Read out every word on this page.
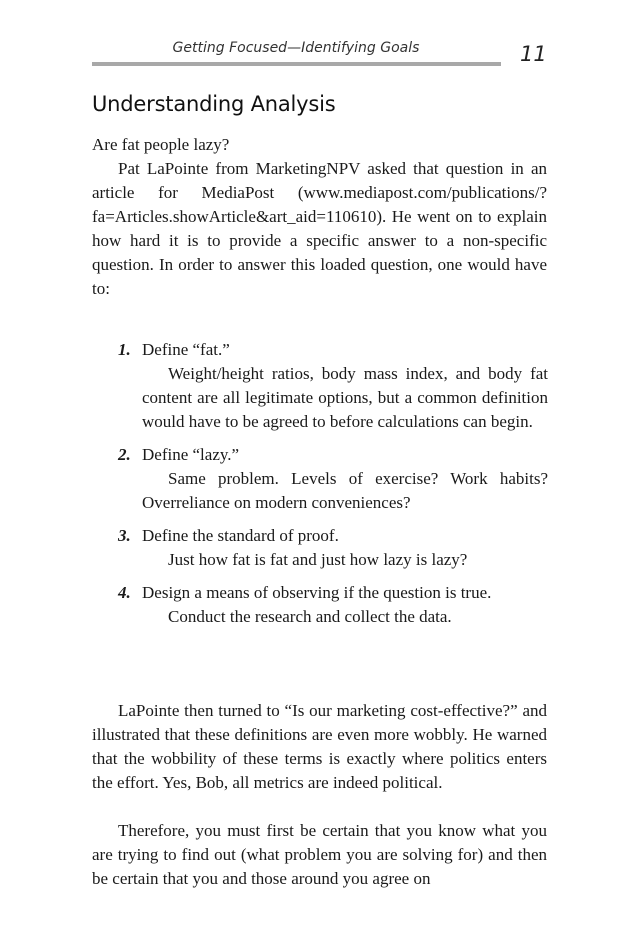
Getting Focused—Identifying Goals	11
Understanding Analysis

Are fat people lazy?

Pat LaPointe from MarketingNPV asked that question in an article for MediaPost (www.mediapost.com/publications/?fa=Articles.showArticle&art_aid=110610). He went on to explain how hard it is to provide a specific answer to a non-specific question. In order to answer this loaded question, one would have to:

1. Define “fat.”
Weight/height ratios, body mass index, and body fat content are all legitimate options, but a common definition would have to be agreed to before calculations can begin.
2. Define “lazy.”
Same problem. Levels of exercise? Work habits? Overreliance on modern conveniences?
3. Define the standard of proof.
Just how fat is fat and just how lazy is lazy?
4. Design a means of observing if the question is true.
Conduct the research and collect the data.

LaPointe then turned to “Is our marketing cost-effective?” and illustrated that these definitions are even more wobbly. He warned that the wobbility of these terms is exactly where politics enters the effort. Yes, Bob, all metrics are indeed political.

Therefore, you must first be certain that you know what you are trying to find out (what problem you are solving for) and then be certain that you and those around you agree on
